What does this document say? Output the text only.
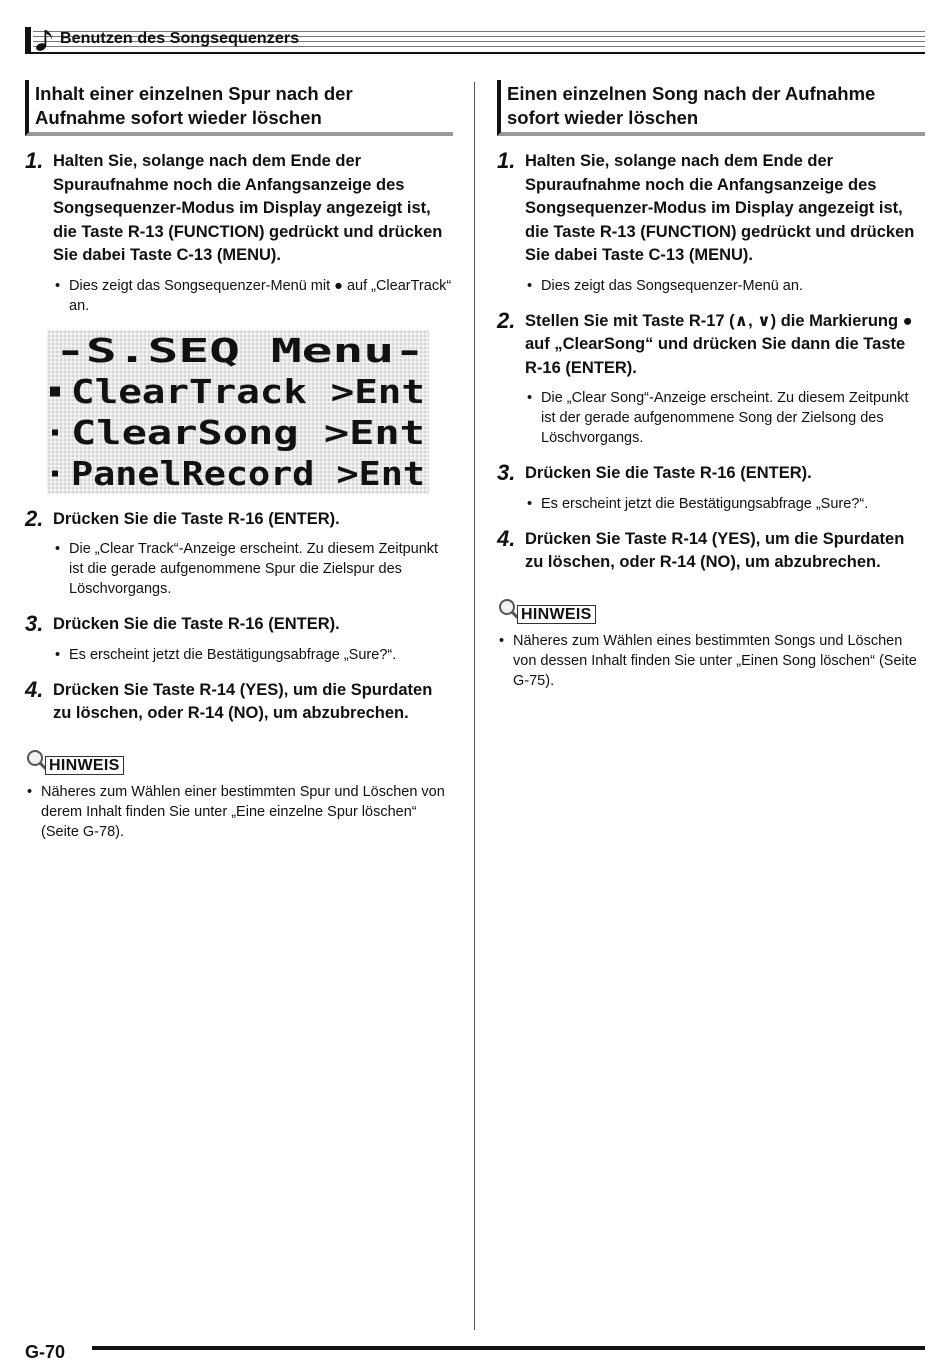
Benutzen des Songsequenzers
Inhalt einer einzelnen Spur nach der
Aufnahme sofort wieder löschen
1. Halten Sie, solange nach dem Ende der Spuraufnahme noch die Anfangsanzeige des Songsequenzer-Modus im Display angezeigt ist, die Taste R-13 (FUNCTION) gedrückt und drücken Sie dabei Taste C-13 (MENU).
• Dies zeigt das Songsequenzer-Menü mit ● auf „ClearTrack“ an.
-S.SEQ Menu-
ClearTrack >Ent
ClearSong >Ent
PanelRecord >Ent
2. Drücken Sie die Taste R-16 (ENTER).
• Die „Clear Track“-Anzeige erscheint. Zu diesem Zeitpunkt ist die gerade aufgenommene Spur die Zielspur des Löschvorgangs.
3. Drücken Sie die Taste R-16 (ENTER).
• Es erscheint jetzt die Bestätigungsabfrage „Sure?“.
4. Drücken Sie Taste R-14 (YES), um die Spurdaten zu löschen, oder R-14 (NO), um abzubrechen.
HINWEIS
• Näheres zum Wählen einer bestimmten Spur und Löschen von derem Inhalt finden Sie unter „Eine einzelne Spur löschen“ (Seite G-78).
Einen einzelnen Song nach der Aufnahme
sofort wieder löschen
1. Halten Sie, solange nach dem Ende der Spuraufnahme noch die Anfangsanzeige des Songsequenzer-Modus im Display angezeigt ist, die Taste R-13 (FUNCTION) gedrückt und drücken Sie dabei Taste C-13 (MENU).
• Dies zeigt das Songsequenzer-Menü an.
2. Stellen Sie mit Taste R-17 (∧, ∨) die Markierung ● auf „ClearSong“ und drücken Sie dann die Taste R-16 (ENTER).
• Die „Clear Song“-Anzeige erscheint. Zu diesem Zeitpunkt ist der gerade aufgenommene Song der Zielsong des Löschvorgangs.
3. Drücken Sie die Taste R-16 (ENTER).
• Es erscheint jetzt die Bestätigungsabfrage „Sure?“.
4. Drücken Sie Taste R-14 (YES), um die Spurdaten zu löschen, oder R-14 (NO), um abzubrechen.
HINWEIS
• Näheres zum Wählen eines bestimmten Songs und Löschen von dessen Inhalt finden Sie unter „Einen Song löschen“ (Seite G-75).
G-70
